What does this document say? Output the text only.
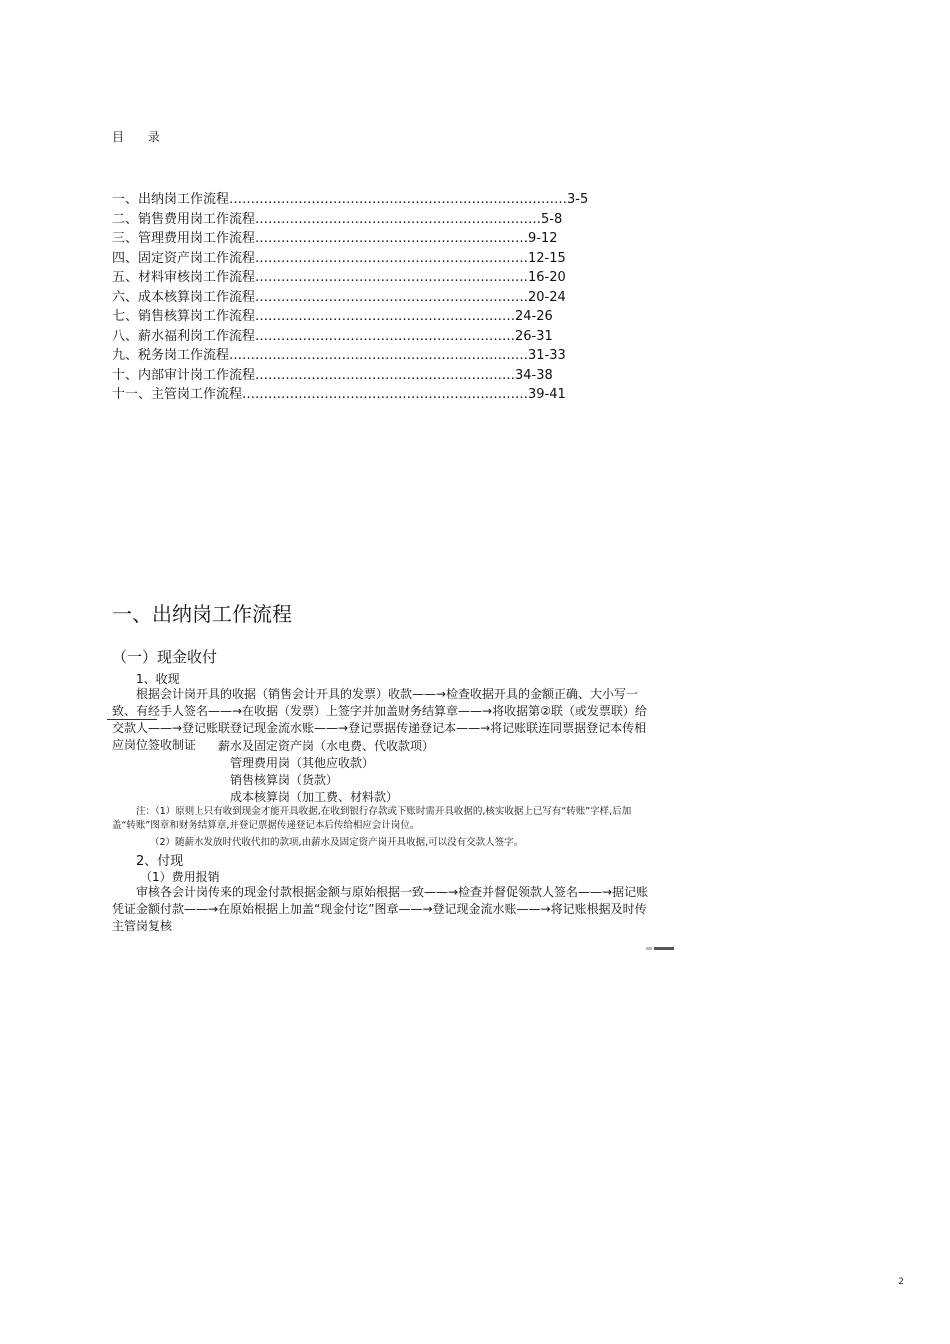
目 录
一、出纳岗工作流程……………………………………………………………………3-5
二、销售费用岗工作流程…………………………………………………………5-8
三、管理费用岗工作流程………………………………………………………9-12
四、固定资产岗工作流程………………………………………………………12-15
五、材料审核岗工作流程………………………………………………………16-20
六、成本核算岗工作流程………………………………………………………20-24
七、销售核算岗工作流程……………………………………………………24-26
八、薪水福利岗工作流程……………………………………………………26-31
九、税务岗工作流程……………………………………………………………31-33
十、内部审计岗工作流程……………………………………………………34-38
十一、主管岗工作流程…………………………………………………………39-41
一、出纳岗工作流程
（一）现金收付
1、收现
根据会计岗开具的收据（销售会计开具的发票）收款——→检查收据开具的金额正确、大小写一致、有经手人签名——→在收据（发票）上签字并加盖财务结算章——→将收据第②联（或发票联）给交款人——→登记账联登记现金流水账——→登记票据传递登记本——→将记账联连同票据登记本传相应岗位签收制证	薪水及固定资产岗（水电费、代收款项）
管理费用岗（其他应收款）
销售核算岗（货款）
成本核算岗（加工费、材料款）
注：（1）原则上只有收到现金才能开具收据,在收到银行存款或下账时需开具收据的,核实收据上已写有“转账”字样,后加盖“转账”图章和财务结算章,并登记票据传递登记本后传给相应会计岗位。
（2）随薪水发放时代收代扣的款项,由薪水及固定资产岗开具收据,可以没有交款人签字。
2、付现
（1）费用报销
审核各会计岗传来的现金付款根据金额与原始根据一致——→检查并督促领款人签名——→据记账凭证金额付款——→在原始根据上加盖“现金付讫”图章——→登记现金流水账——→将记账根据及时传主管岗复核
2
